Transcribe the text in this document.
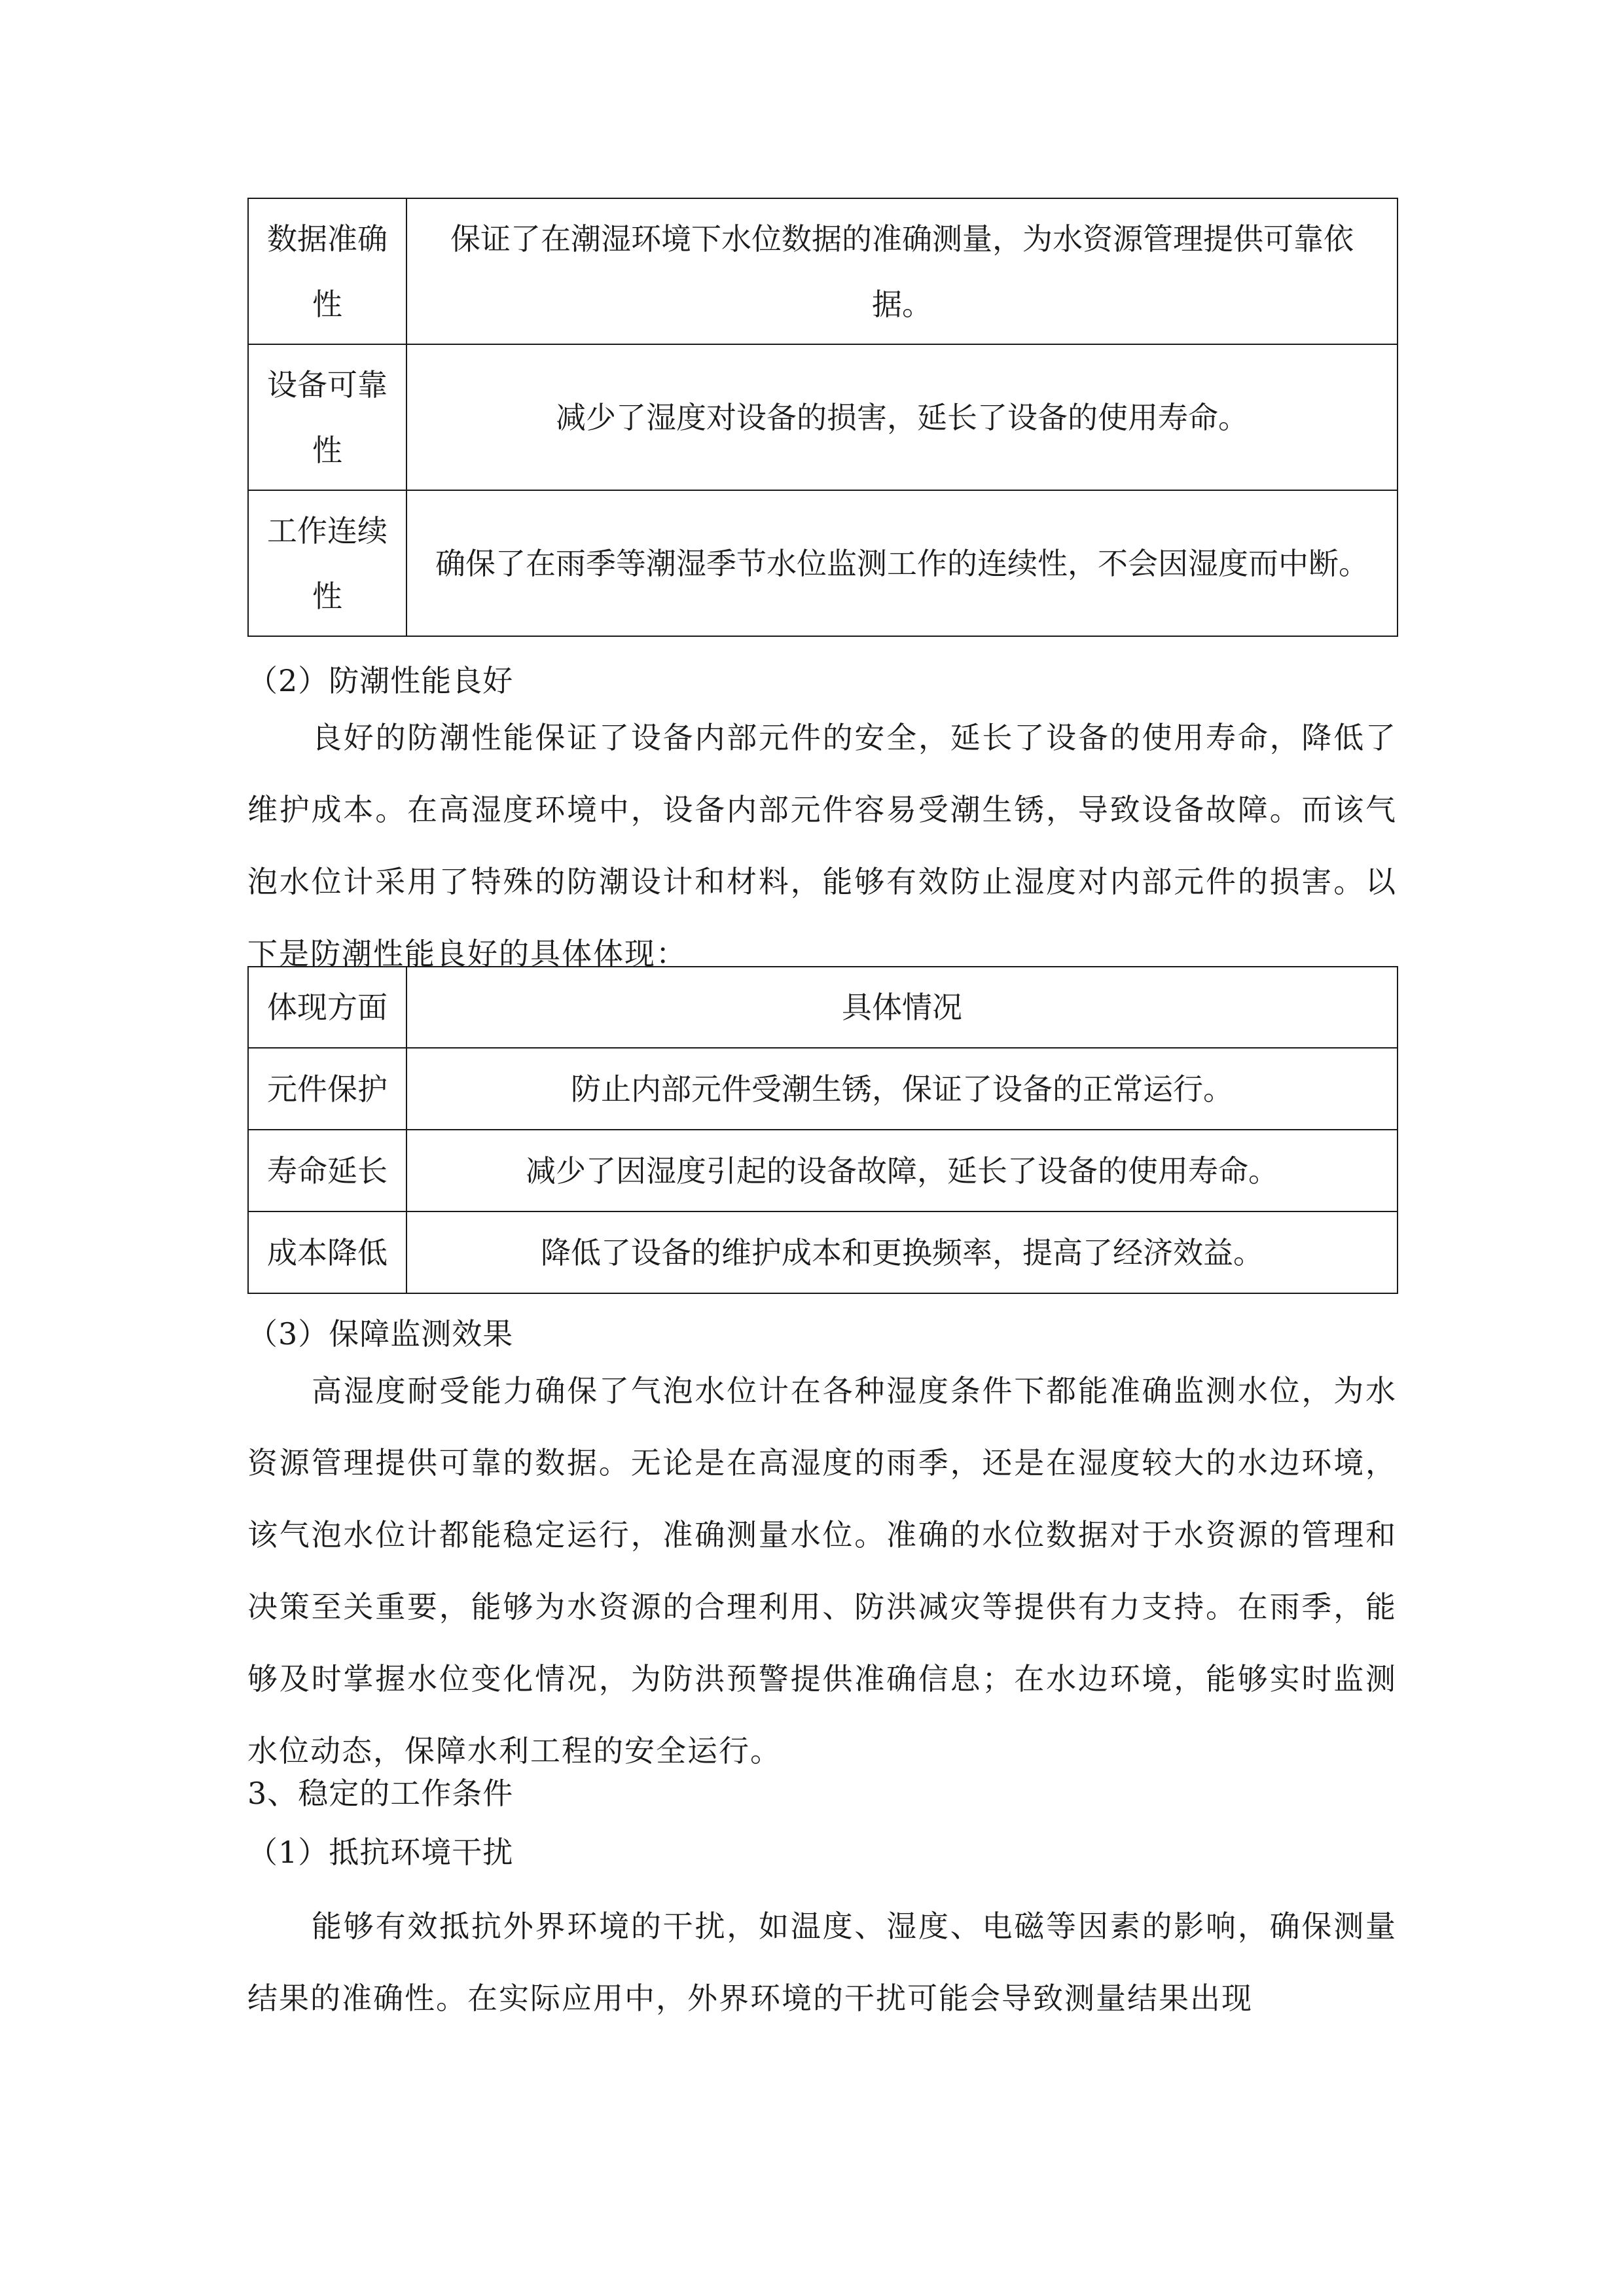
数据准确性	保证了在潮湿环境下水位数据的准确测量，为水资源管理提供可靠依据。
设备可靠性	减少了湿度对设备的损害，延长了设备的使用寿命。
工作连续性	确保了在雨季等潮湿季节水位监测工作的连续性，不会因湿度而中断。
（2）防潮性能良好
良好的防潮性能保证了设备内部元件的安全，延长了设备的使用寿命，降低了维护成本。在高湿度环境中，设备内部元件容易受潮生锈，导致设备故障。而该气泡水位计采用了特殊的防潮设计和材料，能够有效防止湿度对内部元件的损害。以下是防潮性能良好的具体体现：
体现方面	具体情况
元件保护	防止内部元件受潮生锈，保证了设备的正常运行。
寿命延长	减少了因湿度引起的设备故障，延长了设备的使用寿命。
成本降低	降低了设备的维护成本和更换频率，提高了经济效益。
（3）保障监测效果
高湿度耐受能力确保了气泡水位计在各种湿度条件下都能准确监测水位，为水资源管理提供可靠的数据。无论是在高湿度的雨季，还是在湿度较大的水边环境，该气泡水位计都能稳定运行，准确测量水位。准确的水位数据对于水资源的管理和决策至关重要，能够为水资源的合理利用、防洪减灾等提供有力支持。在雨季，能够及时掌握水位变化情况，为防洪预警提供准确信息；在水边环境，能够实时监测水位动态，保障水利工程的安全运行。
3、稳定的工作条件
（1）抵抗环境干扰
能够有效抵抗外界环境的干扰，如温度、湿度、电磁等因素的影响，确保测量结果的准确性。在实际应用中，外界环境的干扰可能会导致测量结果出现
